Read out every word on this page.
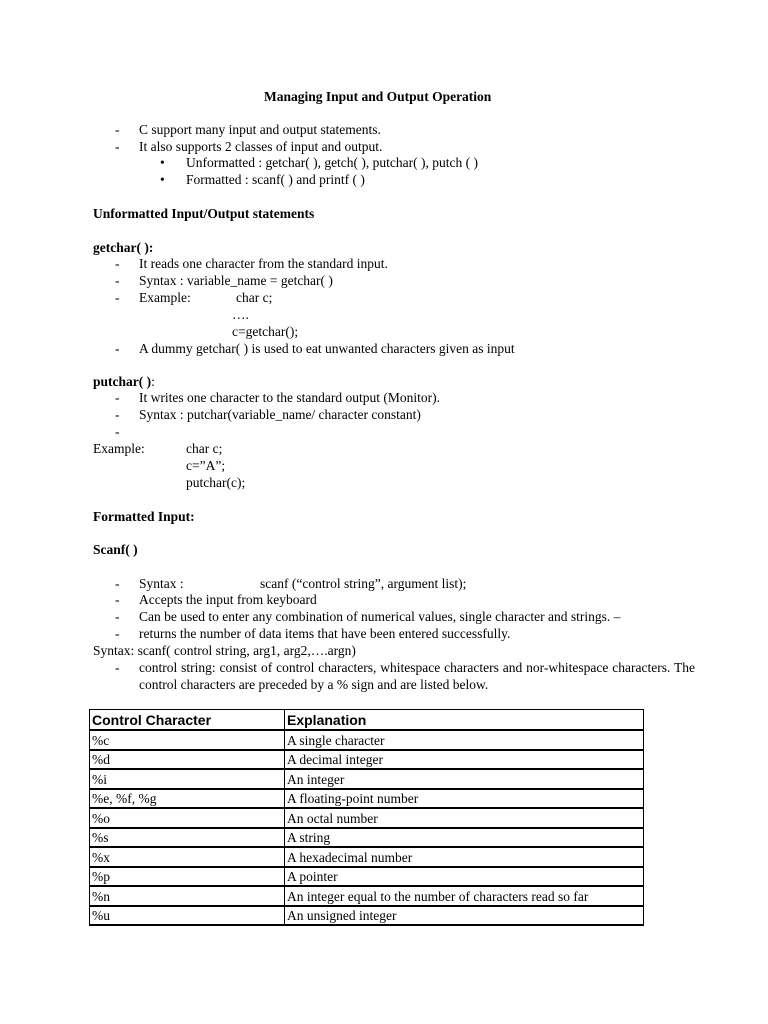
Managing Input and Output Operation
- C support many input and output statements.
- It also supports 2 classes of input and output.
• Unformatted : getchar( ), getch( ), putchar( ), putch ( )
• Formatted : scanf( ) and printf ( )
Unformatted Input/Output statements
getchar( ):
- It reads one character from the standard input.
- Syntax : variable_name = getchar( )
- Example:	char c;
….
c=getchar();
- A dummy getchar( ) is used to eat unwanted characters given as input
putchar( ):
- It writes one character to the standard output (Monitor).
- Syntax : putchar(variable_name/ character constant)
-
Example:	char c;
c=”A”;
putchar(c);
Formatted Input:
Scanf( )
- Syntax :	scanf (“control string”, argument list);
- Accepts the input from keyboard
- Can be used to enter any combination of numerical values, single character and strings. –
- returns the number of data items that have been entered successfully.
Syntax: scanf( control string, arg1, arg2,….argn)
- control string: consist of control characters, whitespace characters and nor-whitespace characters. The control characters are preceded by a % sign and are listed below.
Control Character	Explanation
%c	A single character
%d	A decimal integer
%i	An integer
%e, %f, %g	A floating-point number
%o	An octal number
%s	A string
%x	A hexadecimal number
%p	A pointer
%n	An integer equal to the number of characters read so far
%u	An unsigned integer
